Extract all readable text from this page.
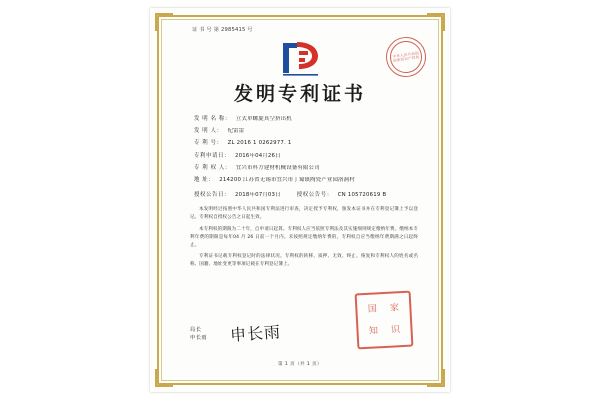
证 书 号 第 2985415 号
中华人民共和国国家知识产权局
发明专利证书
发 明 名 称： 立式单螺旋真空挤出机
发 明 人： 杞雷雷
专 利 号： ZL 2016 1 0262977. 1
专利申请日： 2016年04月26日
专 利 权 人： 宜兴市科方建材机械设备有限公司
地 址： 214200 江苏省无锡市宜兴市丁蜀镇陶瓷产业园洛涧村
授权公告日： 2018年07月03日	授权公告号： CN 105720619 B

本发明经过按照中华人民共和国专利法进行审查，决定授予专利权，颁发本证书并在专利登记簿上予以登记。专利权自授权公告之日起生效。

本专利权的期限为二十年，自申请日起算。专利权人应当依照专利法及其实施细则规定缴纳年费。缴纳本专利年费的期限是每年04 月 26 日前一个月内。未按照规定缴纳年费的，专利权自应当缴纳年费期满之日起终止。

专利证书记载专利权登记时的法律状况。专利权的转移、质押、无效、终止、恢复和专利权人的姓名或名称、国籍、地址变更等事项记载在专利登记簿上。

局长
申长雨 申长雨
国 家
知 识
第 1 页（共 1 页）
